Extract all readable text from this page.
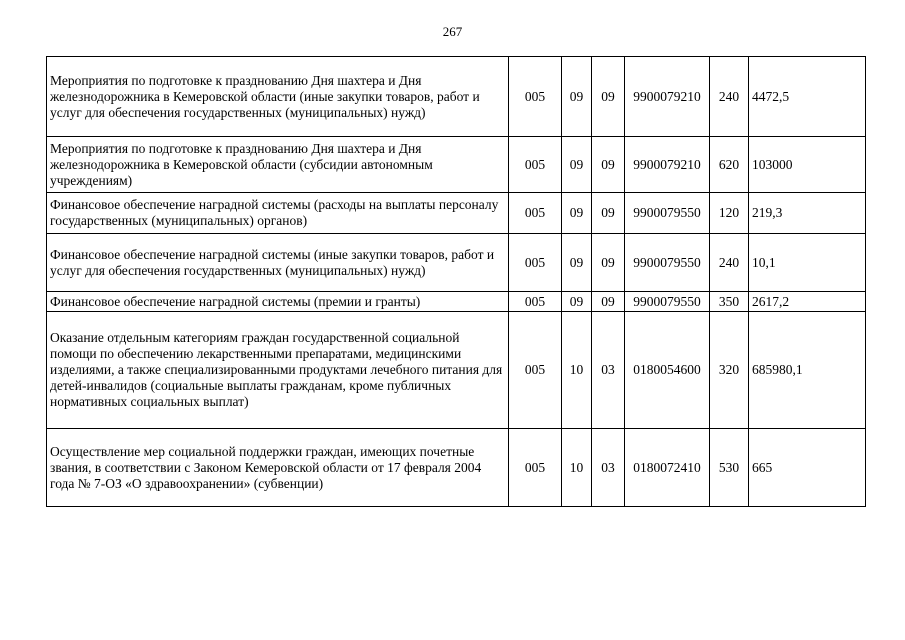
267
Мероприятия по подготовке к празднованию Дня шахтера и Дня железнодорожника в Кемеровской области (иные закупки товаров, работ и услуг для обеспечения государственных (муниципальных) нужд)	005	09	09	9900079210	240	4472,5
Мероприятия по подготовке к празднованию Дня шахтера и Дня железнодорожника в Кемеровской области (субсидии автономным учреждениям)	005	09	09	9900079210	620	103000
Финансовое обеспечение наградной системы (расходы на выплаты персоналу государственных (муниципальных) органов)	005	09	09	9900079550	120	219,3
Финансовое обеспечение наградной системы (иные закупки товаров, работ и услуг для обеспечения государственных (муниципальных) нужд)	005	09	09	9900079550	240	10,1
Финансовое обеспечение наградной системы (премии и гранты)	005	09	09	9900079550	350	2617,2
Оказание отдельным категориям граждан государственной социальной помощи по обеспечению лекарственными препаратами, медицинскими изделиями, а также специализированными продуктами лечебного питания для детей-инвалидов (социальные выплаты гражданам, кроме публичных нормативных социальных выплат)	005	10	03	0180054600	320	685980,1
Осуществление мер социальной поддержки граждан, имеющих почетные звания, в соответствии с Законом Кемеровской области от 17 февраля 2004 года № 7-ОЗ «О здравоохранении» (субвенции)	005	10	03	0180072410	530	665
